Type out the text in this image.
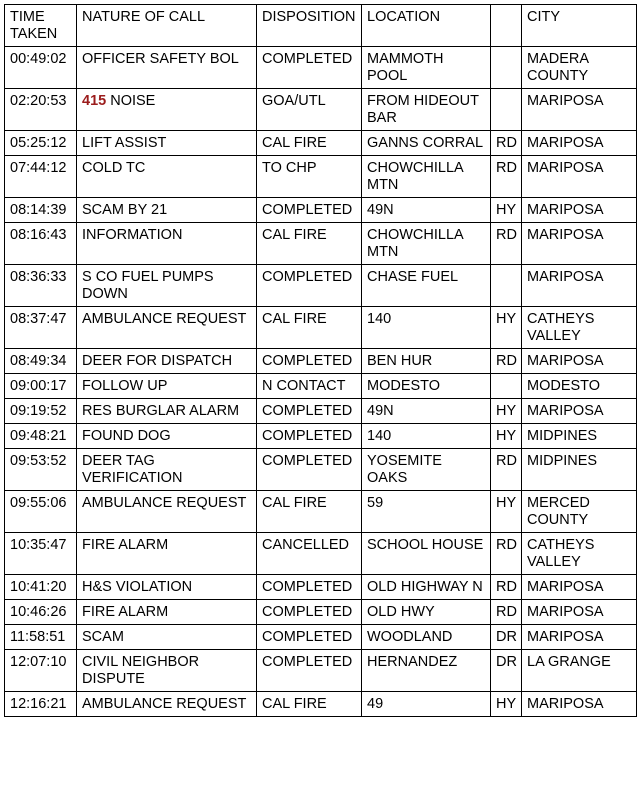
TIME TAKEN	NATURE OF CALL	DISPOSITION	LOCATION		CITY
00:49:02	OFFICER SAFETY BOL	COMPLETED	MAMMOTH POOL		MADERA COUNTY
02:20:53	415 NOISE	GOA/UTL	FROM HIDEOUT BAR		MARIPOSA
05:25:12	LIFT ASSIST	CAL FIRE	GANNS CORRAL	RD	MARIPOSA
07:44:12	COLD TC	TO CHP	CHOWCHILLA MTN	RD	MARIPOSA
08:14:39	SCAM BY 21	COMPLETED	49N	HY	MARIPOSA
08:16:43	INFORMATION	CAL FIRE	CHOWCHILLA MTN	RD	MARIPOSA
08:36:33	S CO FUEL PUMPS DOWN	COMPLETED	CHASE FUEL		MARIPOSA
08:37:47	AMBULANCE REQUEST	CAL FIRE	140	HY	CATHEYS VALLEY
08:49:34	DEER FOR DISPATCH	COMPLETED	BEN HUR	RD	MARIPOSA
09:00:17	FOLLOW UP	N CONTACT	MODESTO		MODESTO
09:19:52	RES BURGLAR ALARM	COMPLETED	49N	HY	MARIPOSA
09:48:21	FOUND DOG	COMPLETED	140	HY	MIDPINES
09:53:52	DEER TAG VERIFICATION	COMPLETED	YOSEMITE OAKS	RD	MIDPINES
09:55:06	AMBULANCE REQUEST	CAL FIRE	59	HY	MERCED COUNTY
10:35:47	FIRE ALARM	CANCELLED	SCHOOL HOUSE	RD	CATHEYS VALLEY
10:41:20	H&S VIOLATION	COMPLETED	OLD HIGHWAY N	RD	MARIPOSA
10:46:26	FIRE ALARM	COMPLETED	OLD HWY	RD	MARIPOSA
11:58:51	SCAM	COMPLETED	WOODLAND	DR	MARIPOSA
12:07:10	CIVIL NEIGHBOR DISPUTE	COMPLETED	HERNANDEZ	DR	LA GRANGE
12:16:21	AMBULANCE REQUEST	CAL FIRE	49	HY	MARIPOSA
